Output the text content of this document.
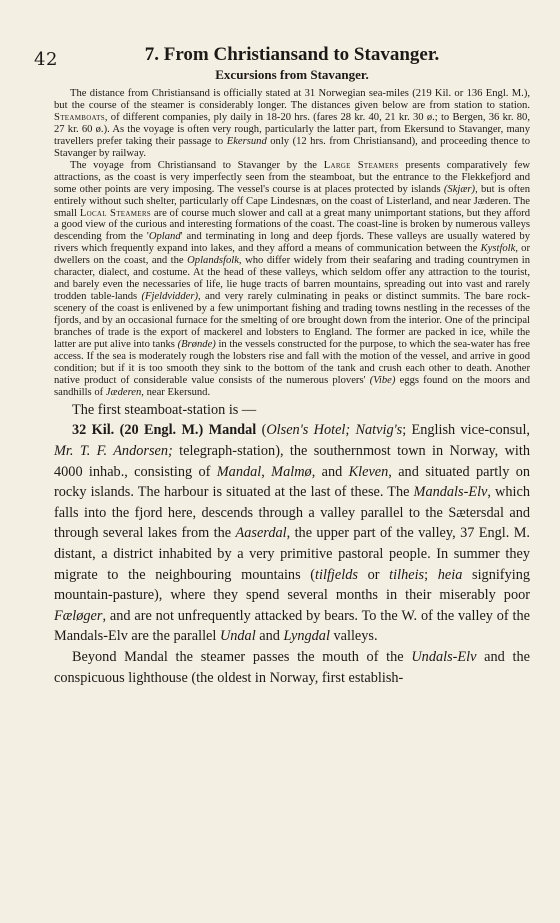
42	7. From Christiansand to Stavanger.
Excursions from Stavanger.

The distance from Christiansand is officially stated at 31 Norwegian sea-miles (219 Kil. or 136 Engl. M.), but the course of the steamer is considerably longer. The distances given below are from station to station. Steamboats, of different companies, ply daily in 18-20 hrs. (fares 28 kr. 40, 21 kr. 30 ø.; to Bergen, 36 kr. 80, 27 kr. 60 ø.). As the voyage is often very rough, particularly the latter part, from Ekersund to Stavanger, many travellers prefer taking their passage to Ekersund only (12 hrs. from Christiansand), and proceeding thence to Stavanger by railway.

The voyage from Christiansand to Stavanger by the Large Steamers presents comparatively few attractions, as the coast is very imperfectly seen from the steamboat, but the entrance to the Flekkefjord and some other points are very imposing. The vessel's course is at places protected by islands (Skjær), but is often entirely without such shelter, particularly off Cape Lindesnæs, on the coast of Listerland, and near Jæderen. The small Local Steamers are of course much slower and call at a great many unimportant stations, but they afford a good view of the curious and interesting formations of the coast. The coast-line is broken by numerous valleys descending from the 'Opland' and terminating in long and deep fjords. These valleys are usually watered by rivers which frequently expand into lakes, and they afford a means of communication between the Kystfolk, or dwellers on the coast, and the Oplandsfolk, who differ widely from their seafaring and trading countrymen in character, dialect, and costume. At the head of these valleys, which seldom offer any attraction to the tourist, and barely even the necessaries of life, lie huge tracts of barren mountains, spreading out into vast and rarely trodden table-lands (Fjeldvidder), and very rarely culminating in peaks or distinct summits. The bare rock-scenery of the coast is enlivened by a few unimportant fishing and trading towns nestling in the recesses of the fjords, and by an occasional furnace for the smelting of ore brought down from the interior. One of the principal branches of trade is the export of mackerel and lobsters to England. The former are packed in ice, while the latter are put alive into tanks (Brønde) in the vessels constructed for the purpose, to which the sea-water has free access. If the sea is moderately rough the lobsters rise and fall with the motion of the vessel, and arrive in good condition; but if it is too smooth they sink to the bottom of the tank and crush each other to death. Another native product of considerable value consists of the numerous plovers' (Vibe) eggs found on the moors and sandhills of Jæderen, near Ekersund.

The first steamboat-station is —

32 Kil. (20 Engl. M.) Mandal (Olsen's Hotel; Natvig's; English vice-consul, Mr. T. F. Andorsen; telegraph-station), the southernmost town in Norway, with 4000 inhab., consisting of Mandal, Malmø, and Kleven, and situated partly on rocky islands. The harbour is situated at the last of these. The Mandals-Elv, which falls into the fjord here, descends through a valley parallel to the Sætersdal and through several lakes from the Aaserdal, the upper part of the valley, 37 Engl. M. distant, a district inhabited by a very primitive pastoral people. In summer they migrate to the neighbouring mountains (tilfjelds or tilheis; heia signifying mountain-pasture), where they spend several months in their miserably poor Fæløger, and are not unfrequently attacked by bears. To the W. of the valley of the Mandals-Elv are the parallel Undal and Lyngdal valleys.

Beyond Mandal the steamer passes the mouth of the Undals-Elv and the conspicuous lighthouse (the oldest in Norway, first establish-
